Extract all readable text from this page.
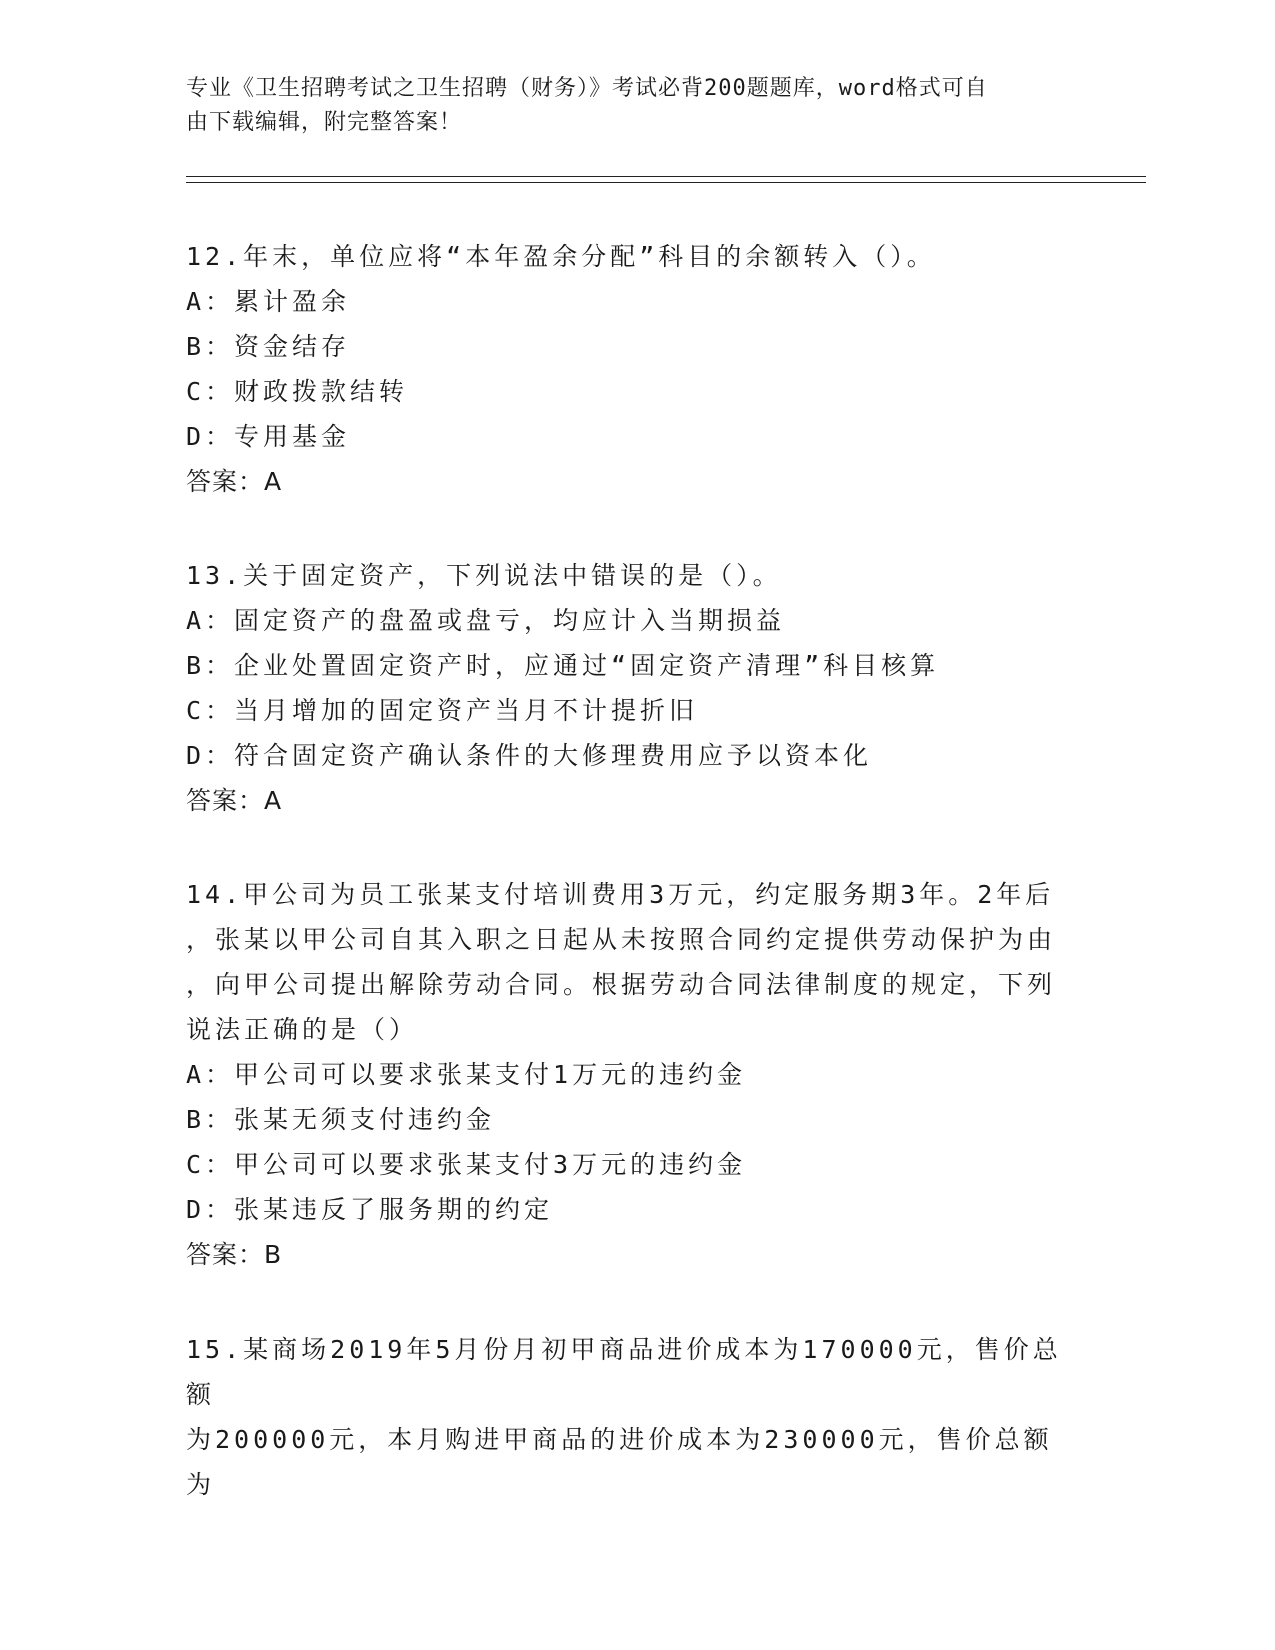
专业《卫生招聘考试之卫生招聘（财务）》考试必背200题题库，word格式可自
由下载编辑，附完整答案！

12.年末，单位应将“本年盈余分配”科目的余额转入（）。

A：累计盈余

B：资金结存

C：财政拨款结转

D：专用基金

答案：A

13.关于固定资产，下列说法中错误的是（）。

A：固定资产的盘盈或盘亏，均应计入当期损益

B：企业处置固定资产时，应通过“固定资产清理”科目核算

C：当月增加的固定资产当月不计提折旧

D：符合固定资产确认条件的大修理费用应予以资本化

答案：A

14.甲公司为员工张某支付培训费用3万元，约定服务期3年。2年后

，张某以甲公司自其入职之日起从未按照合同约定提供劳动保护为由

，向甲公司提出解除劳动合同。根据劳动合同法律制度的规定，下列

说法正确的是（）

A：甲公司可以要求张某支付1万元的违约金

B：张某无须支付违约金

C：甲公司可以要求张某支付3万元的违约金

D：张某违反了服务期的约定

答案：B

15.某商场2019年5月份月初甲商品进价成本为170000元，售价总额

为200000元，本月购进甲商品的进价成本为230000元，售价总额为
